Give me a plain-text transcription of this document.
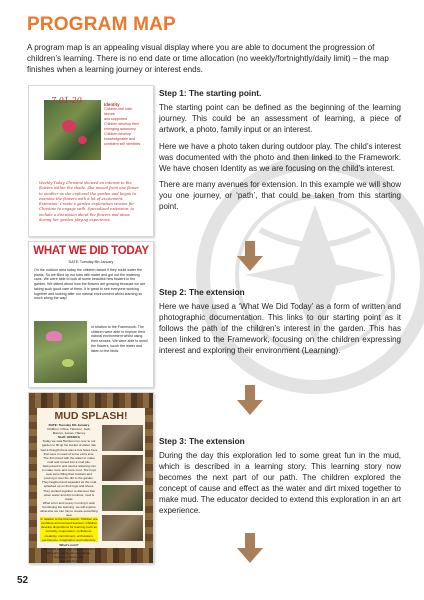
PROGRAM MAP

A program map is an appealing visual display where you are able to document the progression of children’s learning. There is no end date or time allocation (no weekly/fortnightly/daily limit) – the map finishes when a learning journey or interest ends.

7-01-20	Identity
Children feel safe, secure
and supported
Children develop their
emerging autonomy
Children develop
knowledgeable and
confident self identities
Weekly Today Christine showed an interest in the flowers within the shade. She moved from one flower to another as she explored the garden and began to examine the flowers with a lot of excitement. Extension: Create a garden exploration session for Christine to engage with. Specialised extension: to include a discussion about the flowers and ideas during her garden playing experience.
WHAT WE DID TODAY
DATE: Tuesday 8th January
On the outdoor area today the children asked if they could water the plants. So we filled up our tubs with water and got out the watering cans. We were able to look at some beautiful new flowers in the garden. We talked about how the flowers are growing because we are taking such good care of them. It is great to see everyone working together and looking after our natural environment whilst learning so much along the way!
In relation to the Framework: The children were able to explore their natural environment whilst using their senses. We were able to smell the flowers, touch the water and listen to the birds.
MUD SPLASH!
DATE: Tuesday 8th January
Children: Chloe, Harrison, Jack,
Marcus, James, Harvey
Staff: JESSICA
Today we saw Harrison run over to our
garden to fill up his bucket of water. We
had a thought there was a few holes here
that were in need of some extra love.
The dirt mixed with the water to make
mud and turned into a mud pile.
Jack joined in and used a watering can
to make more and more mud. The boys
took turns filling their buckets and
pouring it over the dirt in the garden.
They laughed and squealed as the mud
splashed up on their legs and shoes.
They worked together to discover that
when water and dirt combine, mud is made.
What a fun and messy morning it was!
Continuing the learning, we will explore
what else we can mix to create something new.
In relation to the Framework: Children are confident and involved learners. Children develop dispositions for learning such as curiosity, cooperation, confidence, creativity, commitment, enthusiasm, persistence, imagination and reflexivity.
What's next?
We could extend this mud exploration
through a messy art experience.
Sensory / messy play
Art with mud

Step 1: The starting point.

The starting point can be defined as the beginning of the learning journey. This could be an assessment of learning, a piece of artwork, a photo, family input or an interest.

Here we have a photo taken during outdoor play. The child’s interest was documented with the photo and then linked to the Framework. We have chosen Identity as we are focusing on the child’s interest.

There are many avenues for extension. In this example we will show you one journey, or ‘path’, that could be taken from this starting point.

Step 2: The extension

Here we have used a ‘What We Did Today’ as a form of written and photographic documentation. This links to our starting point as it follows the path of the children’s interest in the garden. This has been linked to the Framework, focusing on the children expressing interest and exploring their environment (Learning).

Step 3: The extension

During the day this exploration led to some great fun in the mud, which is described in a learning story. This learning story now becomes the next part of our path. The children explored the concept of cause and effect as the water and dirt mixed together to make mud. The educator decided to extend this exploration in an art experience.

52
